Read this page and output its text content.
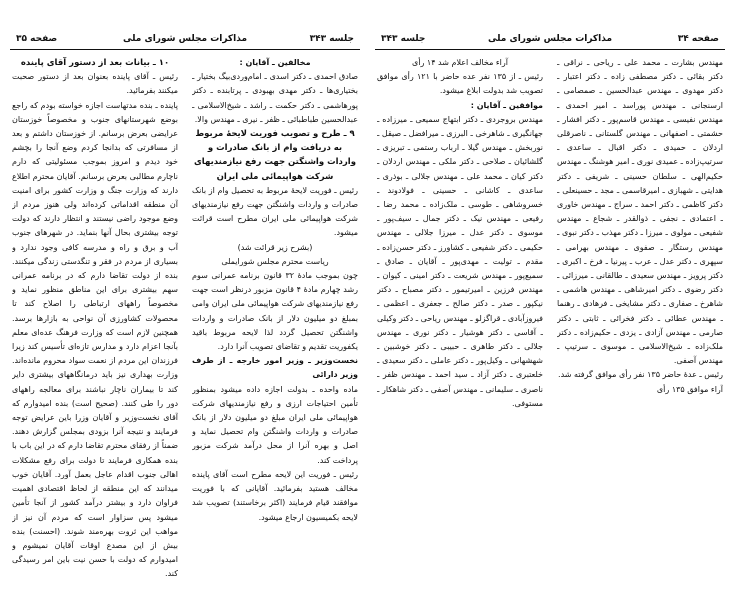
جلسه ۳۴۳
مذاکرات مجلس شورای ملی
صفحه ۳۵

مخالفین ـ آقایان :

صادق احمدی ـ دکتر اسدی ـ امام‌وردی‌بیگ بختیار ـ بختیاری‌ها ـ دکتر مهدی بهبودی ـ پرتابنده ـ دکتر پورهاشمی ـ دکتر حکمت ـ راشد ـ شیخ‌الاسلامی ـ عبدالحسین طباطبائی ـ ظفر ـ نیری ـ مهندس والا.

۹ ـ طرح و تصویب فوریت لایحهٔ مربوط به دریافت وام از بانک صادرات و واردات واشنگتن جهت رفع نیازمندیهای شرکت هواپیمائی ملی ایران

رئیس ـ فوریت لایحهٔ مربوط به تحصیل وام از بانک صادرات و واردات واشنگتن جهت رفع نیازمندیهای شرکت هواپیمائی ملی ایران مطرح است قرائت میشود.

(بشرح زیر قرائت شد)

ریاست محترم مجلس شورایملی

چون بموجب مادهٔ ۳۲ قانون برنامه عمرانی سوم رشد چهارم مادهٔ ۴ قانون مزبور درنظر است جهت رفع نیازمندیهای شرکت هواپیمائی ملی ایران وامی بمبلغ دو میلیون دلار از بانک صادرات و واردات واشنگتن تحصیل گردد لذا لایحه مربوط باقید یکفوریت تقدیم و تقاضای تصویب آنرا دارد.

نخست‌وزیر ـ وزیر امور خارجه ـ از طرف وزیر دارائی

ماده واحده ـ بدولت اجازه داده میشود بمنظور تأمین احتیاجات ارزی و رفع نیازمندیهای شرکت هواپیمائی ملی ایران مبلغ دو میلیون دلار از بانک صادرات و واردات واشنگتن وام تحصیل نماید و اصل و بهره آنرا از محل درآمد شرکت مزبور پرداخت کند.

رئیس ـ فوریت این لایحه مطرح است آقای پاینده مخالف هستید بفرمائید. آقایانی که با فوریت موافقند قیام فرمایند (اکثر برخاستند) تصویب شد لایحه بکمیسیون ارجاع میشود.

۱۰ ـ بیانات بعد از دستور آقای پاینده

رئیس ـ آقای پاینده بعنوان بعد از دستور صحبت میکنند بفرمائید.

پاینده ـ بنده مدتهاست اجازه خواسته بودم که راجع بوضع شهرستانهای جنوب و مخصوصاً خوزستان عرایضی بعرض برسانم. از خوزستان داشتم و بعد از مسافرتی که بدانجا کردم وضع آنجا را بچشم خود دیدم و امروز بموجب مسئولیتی که دارم ناچارم مطالبی بعرض برسانم. آقایان محترم اطلاع دارند که وزارت جنگ و وزارت کشور برای امنیت آن منطقه اقداماتی کرده‌اند ولی هنوز مردم از وضع موجود راضی نیستند و انتظار دارند که دولت توجه بیشتری بحال آنها بنماید. در شهرهای جنوب آب و برق و راه و مدرسه کافی وجود ندارد و بسیاری از مردم در فقر و تنگدستی زندگی میکنند. بنده از دولت تقاضا دارم که در برنامه عمرانی سهم بیشتری برای این مناطق منظور نماید و مخصوصاً راههای ارتباطی را اصلاح کند تا محصولات کشاورزی آن نواحی به بازارها برسد. همچنین لازم است که وزارت فرهنگ عده‌ای معلم بآنجا اعزام دارد و مدارس تازه‌ای تأسیس کند زیرا فرزندان این مردم از نعمت سواد محروم مانده‌اند. وزارت بهداری نیز باید درمانگاههای بیشتری دایر کند تا بیماران ناچار نباشند برای معالجه راههای دور را طی کنند. (صحیح است) بنده امیدوارم که آقای نخست‌وزیر و آقایان وزرا باین عرایض توجه فرمایند و نتیجه آنرا بزودی بمجلس گزارش دهند. ضمناً از رفقای محترم تقاضا دارم که در این باب با بنده همکاری فرمایند تا دولت برای رفع مشکلات اهالی جنوب اقدام عاجل بعمل آورد. آقایان خوب میدانند که این منطقه از لحاظ اقتصادی اهمیت فراوان دارد و بیشتر درآمد کشور از آنجا تأمین میشود پس سزاوار است که مردم آن نیز از مواهب این ثروت بهره‌مند شوند. (احسنت) بنده بیش از این مصدع اوقات آقایان نمیشوم و امیدوارم که دولت با حسن نیت باین امر رسیدگی کند.

صفحه ۳۴
مذاکرات مجلس شورای ملی
جلسه ۳۴۳

مهندس بشارت ـ محمد علی ـ ریاحی ـ نراقی ـ دکتر بقائی ـ دکتر مصطفی زاده ـ دکتر اعتبار ـ دکتر مهدوی ـ مهندس عبدالحسین ـ صمصامی ـ ارسنجانی ـ مهندس پوراسد ـ امیر احمدی ـ مهندس نفیسی ـ مهندس قاسم‌پور ـ دکتر افشار ـ حشمتی ـ اصفهانی ـ مهندس گلستانی ـ ناصرقلی اردلان ـ حمیدی ـ دکتر اقبال ـ ساعدی ـ سرتیپ‌زاده ـ عمیدی نوری ـ امیر هوشنگ ـ مهندس حکیم‌الهی ـ سلطان حسینی ـ شریفی ـ دکتر هدایتی ـ شهبازی ـ امیرقاسمی ـ مجد ـ حسینعلی ـ دکتر کاظمی ـ دکتر احمد ـ سراج ـ مهندس خاوری ـ اعتمادی ـ نجفی ـ ذوالقدر ـ شجاع ـ مهندس شفیعی ـ مولوی ـ میرزا ـ دکتر مهذب ـ دکتر نبوی ـ مهندس رستگار ـ صفوی ـ مهندس بهرامی ـ سپهری ـ دکتر عدل ـ عرب ـ پیرنیا ـ فرخ ـ اکبری ـ دکتر پرویز ـ مهندس سعیدی ـ طالقانی ـ میرزائی ـ دکتر رضوی ـ دکتر امیرشاهی ـ مهندس هاشمی ـ شاهرخ ـ صفاری ـ دکتر مشایخی ـ فرهادی ـ رهنما ـ مهندس عطائی ـ دکتر فخرائی ـ ثابتی ـ دکتر صارمی ـ مهندس آزادی ـ یزدی ـ حکیم‌زاده ـ دکتر ملک‌زاده ـ شیخ‌الاسلامی ـ موسوی ـ سرتیپ ـ مهندس آصفی.

رئیس ـ عدهٔ حاضر ۱۳۵ نفر رأی موافق گرفته شد.

آراء موافق ۱۳۵ رأی

آراء مخالف اعلام شد ۱۴ رأی

رئیس ـ از ۱۳۵ نفر عده حاضر با ۱۲۱ رأی موافق تصویب شد بدولت ابلاغ میشود.

موافقین ـ آقایان :

مهندس بروجردی ـ دکتر ابتهاج سمیعی ـ میرزاده ـ جهانگیری ـ شاهرخی ـ البرزی ـ میرافضل ـ صیقل ـ نوربخش ـ مهندس گیلا ـ ارباب رستمی ـ تبریزی ـ گلشائیان ـ صلاحی ـ دکتر ملکی ـ مهندس اردلان ـ دکتر کیان ـ محمد علی ـ مهندس جلالی ـ بوذری ـ ساعدی ـ کاشانی ـ حسینی ـ فولادوند ـ خسروشاهی ـ طوسی ـ ملک‌زاده ـ محمد رضا ـ رفیعی ـ مهندس نیک ـ دکتر جمال ـ سیف‌پور ـ موسوی ـ دکتر عدل ـ میرزا جلالی ـ مهندس حکیمی ـ دکتر شفیعی ـ کشاورز ـ دکتر حسن‌زاده ـ مقدم ـ تولیت ـ مهدی‌پور ـ آقایان ـ صادق ـ سمیع‌پور ـ مهندس شریعت ـ دکتر امینی ـ کیوان ـ مهندس فرزین ـ امیرتیمور ـ دکتر مصباح ـ دکتر نیکپور ـ صدر ـ دکتر صالح ـ جعفری ـ اعظمی ـ فیروزآبادی ـ قراگزلو ـ مهندس ریاحی ـ دکتر وکیلی ـ آقاسی ـ دکتر هوشیار ـ دکتر نوری ـ مهندس جلالی ـ دکتر طاهری ـ حبیبی ـ دکتر خوشبین ـ شهشهانی ـ وکیل‌پور ـ دکتر عاملی ـ دکتر سعیدی ـ خلعتبری ـ دکتر آزاد ـ سید احمد ـ مهندس ظفر ـ ناصری ـ سلیمانی ـ مهندس آصفی ـ دکتر شاهکار ـ مستوفی.
